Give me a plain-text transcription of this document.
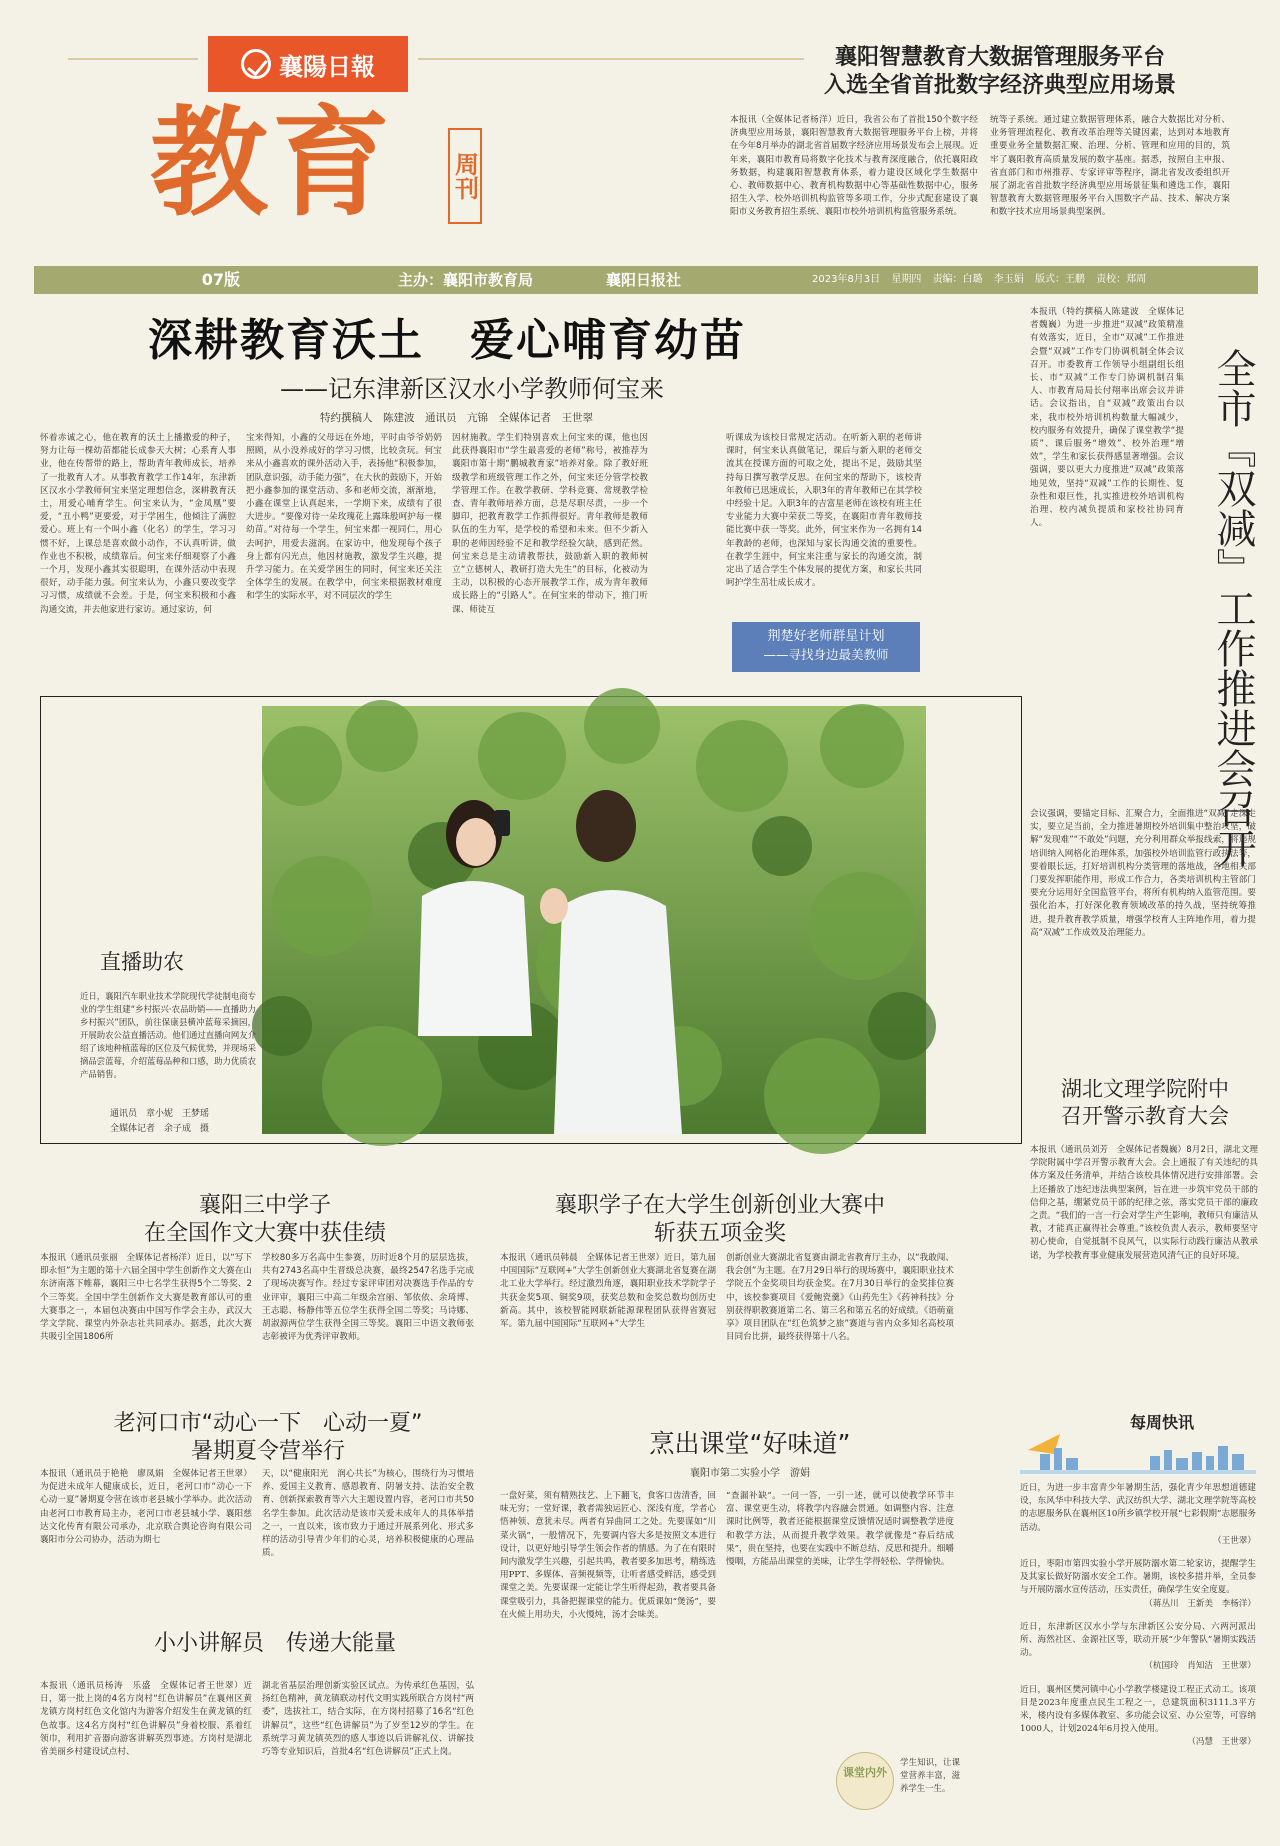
襄陽日報
教育 周刊
襄阳智慧教育大数据管理服务平台
入选全省首批数字经济典型应用场景
本报讯（全媒体记者杨洋）近日，我省公布了首批150个数字经济典型应用场景，襄阳智慧教育大数据管理服务平台上榜，并将在今年8月举办的湖北省首届数字经济应用场景发布会上展现。近年来，襄阳市教育局将数字化技术与教育深度融合，依托襄阳政务数据，构建襄阳智慧教育体系，着力建设区域化学生数据中心、教师数据中心、教育机构数据中心等基础性数据中心，服务招生入学、校外培训机构监管等多项工作，分步式配套建设了襄阳市义务教育招生系统、襄阳市校外培训机构监管服务系统。
统等子系统。通过建立数据管理体系，融合大数据比对分析、业务管理流程化、教育改革治理等关键因素，达到对本地教育重要业务全量数据汇聚、治理、分析、管理和应用的目的，筑牢了襄阳教育高质量发展的数字基座。据悉，按照自主申报、省直部门和市州推荐、专家评审等程序，湖北省发改委组织开展了湖北省首批数字经济典型应用场景征集和遴选工作，襄阳智慧教育大数据管理服务平台入围数字产品、技术、解决方案和数字技术应用场景典型案例。
07版	主办：襄阳市教育局	襄阳日报社	2023年8月3日 星期四 责编：白璐 李玉娟 版式：王鹏 责校：郑周
深耕教育沃土　爱心哺育幼苗
——记东津新区汉水小学教师何宝来
特约撰稿人　陈建波　通讯员　亢锦　全媒体记者　王世翠
怀着赤诚之心，他在教育的沃土上播撒爱的种子，努力让每一棵幼苗都能长成参天大树；心系育人事业，他在传帮带的路上，帮助青年教师成长，培养了一批教育人才。从事教育教学工作14年，东津新区汉水小学教师何宝来坚定理想信念，深耕教育沃土，用爱心哺育学生。何宝来认为，“金凤凰”要爱，“丑小鸭”更要爱，对于学困生，他倾注了满腔爱心。班上有一个叫小鑫（化名）的学生，学习习惯不好，上课总是喜欢做小动作，不认真听讲，做作业也不积极，成绩靠后。何宝来仔细观察了小鑫一个月，发现小鑫其实很聪明，在课外活动中表现很好，动手能力强。何宝来认为，小鑫只要改变学习习惯，成绩就不会差。于是，何宝来积极和小鑫沟通交流，并去他家进行家访。通过家访，何
宝来得知，小鑫的父母远在外地，平时由爷爷奶奶照顾，从小没养成好的学习习惯，比较贪玩。何宝来从小鑫喜欢的课外活动入手，表扬他“积极参加，团队意识强，动手能力强”，在大伙的鼓励下，开始把小鑫参加的课堂活动、多和老师交流，渐渐地，小鑫在课堂上认真起来，一学期下来，成绩有了很大进步。“要像对待一朵玫瑰花上露珠般呵护每一棵幼苗。”对待每一个学生，何宝来都一视同仁，用心去呵护，用爱去滋润。在家访中，他发现每个孩子身上都有闪光点，他因材施教，激发学生兴趣，提升学习能力。在关爱学困生的同时，何宝来还关注全体学生的发展。在教学中，何宝来根据教材难度和学生的实际水平，对不同层次的学生
因材施教。学生们特别喜欢上何宝来的课，他也因此获得襄阳市“学生最喜爱的老师”称号，被推荐为襄阳市第十期“鹏城教育家”培养对象。除了教好班级教学和班级管理工作之外，何宝来还分管学校教学管理工作。在教学教研、学科竞赛、常规教学检查、青年教师培养方面，总是尽职尽责，一步一个脚印，把教育教学工作抓得很好。青年教师是教师队伍的生力军，是学校的希望和未来。但不少新入职的老师因经验不足和教学经验欠缺，感到茫然。何宝来总是主动请教帮扶，鼓励新入职的教师树立“立德树人，教研打造大先生”的目标，化被动为主动，以积极的心态开展教学工作，成为青年教师成长路上的“引路人”。在何宝来的带动下，推门听课、师徒互
听课成为该校日常规定活动。在听新入职的老师讲课时，何宝来认真做笔记，课后与新入职的老师交流其在授课方面的可取之处，提出不足，鼓励其坚持每日撰写教学反思。在何宝来的帮助下，该校青年教师已迅速成长，入职3年的青年教师已在其学校中经验十足。入职3年的吉富星老师在该校有班主任专业能力大赛中荣获二等奖，在襄阳市青年教师技能比赛中获一等奖。此外，何宝来作为一名拥有14年教龄的老师，也深知与家长沟通交流的重要性。在教学生涯中，何宝来注重与家长的沟通交流，制定出了适合学生个体发展的提优方案，和家长共同呵护学生茁壮成长成才。
荆楚好老师群星计划
——寻找身边最美教师
本报讯（特约撰稿人陈建波　全媒体记者魏巍）为进一步推进“双减”政策精准有效落实，近日，全市“双减”工作推进会暨“双减”工作专门协调机制全体会议召开。市委教育工作领导小组副组长组长、市“双减”工作专门协调机制召集人、市教育局局长付翔率出席会议并讲话。会议指出，自“双减”政策出台以来，我市校外培训机构数量大幅减少，校内服务有效提升，确保了课堂教学“提质”、课后服务“增效”、校外治理“增效”，学生和家长获得感显著增强。会议强调，要以更大力度推进“双减”政策落地见效，坚持“双减”工作的长期性、复杂性和艰巨性，扎实推进校外培训机构治理、校内减负提质和家校社协同育人。	全市『双减』工作推进会召开
会议强调，要锚定目标、汇聚合力，全面推进“双减”走深走实，要立足当前，全力推进暑期校外培训集中整治攻坚，破解“发现难”“不敢处”问题，充分利用群众举报线索，将违规培训纳入网格化治理体系，加强校外培训监管行政执法等，要着眼长远，打好培训机构分类管理的落地战，各地相关部门要发挥职能作用，形成工作合力，各类培训机构主管部门要充分运用好全国监管平台，将所有机构纳入监管范围。要强化治本，打好深化教育领域改革的持久战，坚持统筹推进，提升教育教学质量，增强学校育人主阵地作用，着力提高“双减”工作成效及治理能力。
直播助农
近日，襄阳汽车职业技术学院现代学徒制电商专业的学生组建“乡村振兴·农品助销——直播助力乡村振兴”团队，前往保康县横冲蓝莓采摘园，开展助农公益直播活动。他们通过直播向网友介绍了该地种植蓝莓的区位及气候优势，并现场采摘品尝蓝莓，介绍蓝莓品种和口感，助力优质农产品销售。
通讯员　章小妮　王梦瑶
全媒体记者　余子成　摄
湖北文理学院附中
召开警示教育大会
本报讯（通讯员刘芳　全媒体记者魏巍）8月2日，湖北文理学院附属中学召开警示教育大会。会上通报了有关违纪的具体方案及任务清单，并结合该校具体情况进行安排部署。会上还播放了违纪违法典型案例，旨在进一步筑牢党员干部的信仰之基，绷紧党员干部的纪律之弦，落实党员干部的廉政之责。“我们的一言一行会对学生产生影响，教师只有廉洁从教，才能真正赢得社会尊重。”该校负责人表示，教师要坚守初心使命，自觉抵制不良风气，以实际行动践行廉洁从教承诺，为学校教育事业健康发展营造风清气正的良好环境。
襄阳三中学子
在全国作文大赛中获佳绩
本报讯（通讯员张丽　全媒体记者杨洋）近日，以“写下即永恒”为主题的第十六届全国中学生创新作文大赛在山东济南落下帷幕，襄阳三中七名学生获得5个二等奖、2个三等奖。全国中学生创新作文大赛是教育部认可的重大赛事之一，本届包决赛由中国写作学会主办，武汉大学文学院、课堂内外杂志社共同承办。据悉，此次大赛共吸引全国1806所
学校80多万名高中生参赛，历时近8个月的层层选拔，共有2743名高中生晋级总决赛，最终2547名选手完成了现场决赛写作。经过专家评审团对决赛选手作品的专业评审，襄阳三中高二年级余宫丽、邹依依、余琦博、王志聪、杨静伟等五位学生获得全国二等奖；马诗娜、胡淑源两位学生获得全国三等奖。襄阳三中语文教师张志彰被评为优秀评审教师。
襄职学子在大学生创新创业大赛中
斩获五项金奖
本报讯（通讯员韩晨　全媒体记者王世翠）近日，第九届中国国际“互联网+”大学生创新创业大赛湖北省复赛在湖北工业大学举行。经过激烈角逐，襄阳职业技术学院学子共获金奖5项、铜奖9项，获奖总数和金奖总数均创历史新高。其中，该校智能网联新能源课程团队获得省赛冠军。第九届中国国际“互联网+”大学生
创新创业大赛湖北省复赛由湖北省教育厅主办，以“我敢闯、我会创”为主题。在7月29日举行的现场赛中，襄阳职业技术学院五个金奖项目均获金奖。在7月30日举行的金奖排位赛中，该校参赛项目《爱鲍瓷羹》《山药先生》《药神科技》分别获得职教赛道第二名、第三名和第五名的好成绩。《语萌童享》项目团队在“红色筑梦之旅”赛道与省内众多知名高校项目同台比拼，最终获得第十八名。
老河口市“动心一下　心动一夏”
暑期夏令营举行
本报讯（通讯员于艳艳　廖凤娟　全媒体记者王世翠）为促进未成年人健康成长，近日，老河口市“动心一下　心动一夏”暑期夏令营在该市老县城小学举办。此次活动由老河口市教育局主办，老河口市老县城小学、襄阳慈达文化传育有限公司承办，北京联合舆论咨询有限公司襄阳市分公司协办，活动为期七
天，以“健康阳光　润心共长”为核心，围绕行为习惯培养、爱国主义教育、感恩教育、阴暑支持、法治安全教育、创新探索教育等六大主题设置内容，老河口市共50名学生参加。此次活动是该市关爱未成年人的具体举措之一，一直以来，该市致力于通过开展系列化、形式多样的活动引导青少年们的心灵，培养积极健康的心理品质。
烹出课堂“好味道”
襄阳市第二实验小学　游娟
一盘好菜，须有精熟技艺、上下翻飞，食客口齿清香，回味无穷；一堂好课，教者需独运匠心、深浅有度，学者心悟神领、意犹未尽。两者有异曲同工之处。先要谋如“川菜火锅”，一般情况下，先要调内容大多是按照文本进行设计，以更好地引导学生领会作者的情感。为了在有限时间内激发学生兴趣，引起共鸣，教者要多加思考，精练选用PPT、多媒体、音频视频等，让听者感受鲜活，感受到课堂之美。先要谋课一定能让学生听得起劲，教者要具备课堂吸引力，具备把握课堂的能力。优质课如“煲汤”，要在火候上用功夫，小火慢炖，汤才会味美。
“查漏补缺”。一问一答，一引一述，就可以使教学环节丰富、课堂更生动，将教学内容融会贯通。如调整内容、注意课时比例等，教者还能根据课堂反馈情况适时调整教学进度和教学方法，从而提升教学效果。教学就像是“春后结成果”，贵在坚持，也要在实践中不断总结、反思和提升。细嚼慢咽，方能品出课堂的美味，让学生学得轻松、学得愉快。
课堂内外
学生知识，让课堂营养丰富，滋养学生一生。
小小讲解员　传递大能量
本报讯（通讯员杨涛　乐盛　全媒体记者王世翠）近日，第一批上岗的4名方岗村“红色讲解员”在襄州区黄龙镇方岗村红色文化馆内为游客介绍发生在黄龙镇的红色故事。这4名方岗村“红色讲解员”身着校服、系着红领巾，利用扩音器向游客讲解英烈事迹。方岗村是湖北省美丽乡村建设试点村、
湖北省基层治理创新实验区试点。为传承红色基因，弘扬红色精神，黄龙镇联动村代文明实践所联合方岗村“两委”，选拔社工，结合实际，在方岗村招募了16名“红色讲解员”，这些“红色讲解员”为了岁至12岁的学生。在系统学习黄龙镇英烈的感人事迹以后讲解礼仪、讲解技巧等专业知识后，首批4名“红色讲解员”正式上岗。
每周快讯
近日，为进一步丰富青少年暑期生活，强化青少年思想道德建设，东风华中科技大学、武汉纺织大学、湖北文理学院等高校的志愿服务队在襄州区10所乡镇学校开展“七彩假期”志愿服务活动。
（王世翠）
近日，枣阳市第四实验小学开展防溺水第二轮家访，提醒学生及其家长做好防溺水安全工作。暑期，该校多措并举，全员参与开展防溺水宣传活动，压实责任，确保学生安全度夏。
（蒋丛川　王新美　李杨洋）
近日，东津新区汉水小学与东津新区公安分局、六两河派出所、海然社区、金源社区等，联动开展“少年警队”暑期实践活动。
（杭国玲　肖知洁　王世翠）
近日，襄州区樊河镇中心小学教学楼建设工程正式动工。该项目是2023年度重点民生工程之一，总建筑面积3111.3平方米，楼内设有多媒体教室、多功能会议室、办公室等，可容纳1000人，计划2024年6月投入使用。
（冯慧　王世翠）
